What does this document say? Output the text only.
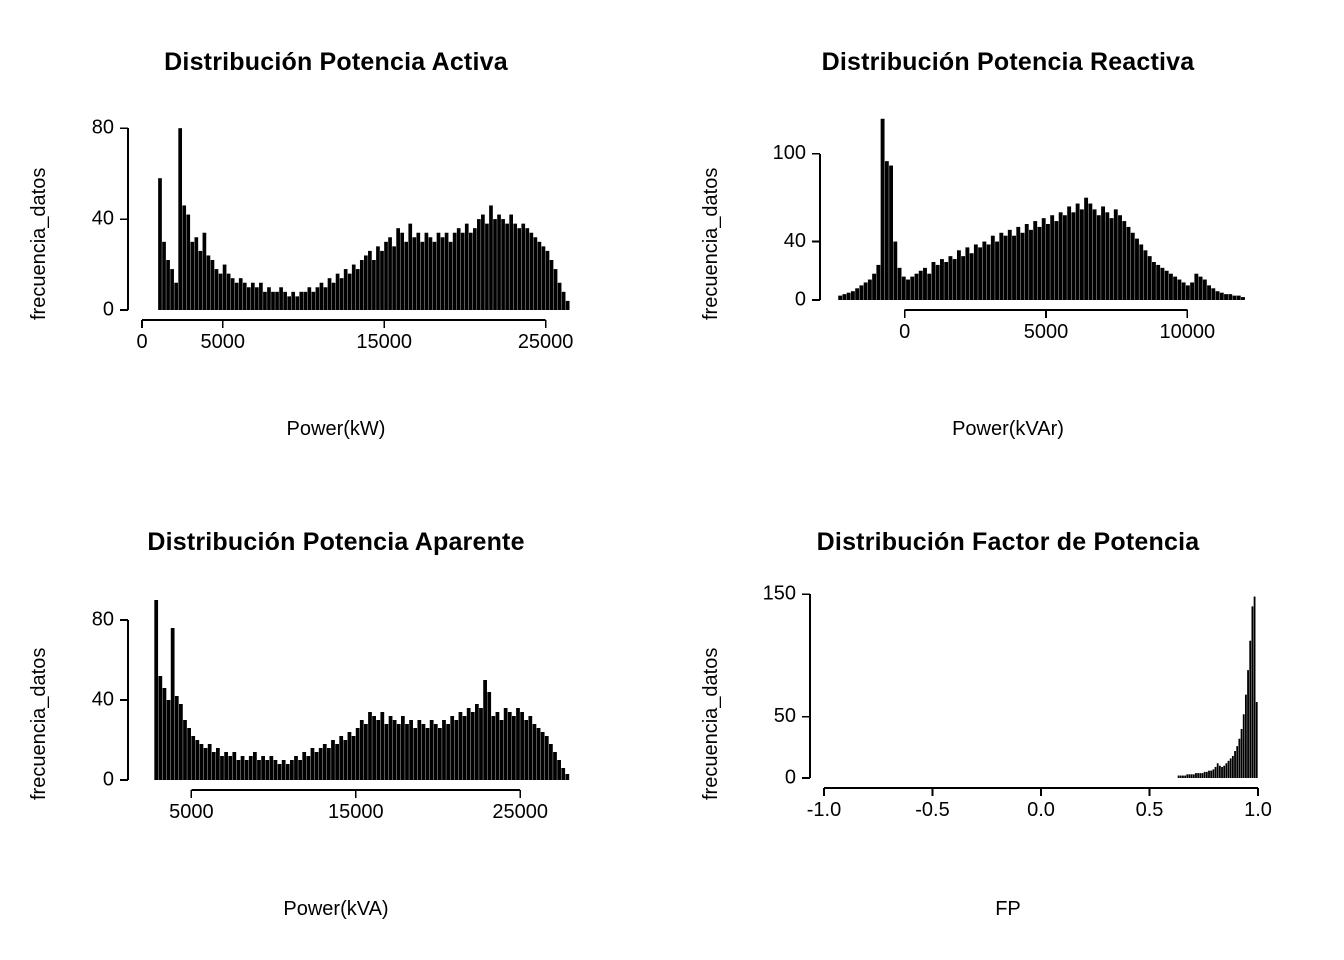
Distribución Potencia Activa
frecuencia_datos	0
40
80
0	5000	15000	25000
Power(kW)
Distribución Potencia Reactiva
frecuencia_datos	0
40
100
0	5000	10000
Power(kVAr)
Distribución Potencia Aparente
frecuencia_datos	0
40
80
5000	15000	25000
Power(kVA)
Distribución Factor de Potencia
frecuencia_datos	0
50
150
-1.0	-0.5	0.0	0.5	1.0
FP
